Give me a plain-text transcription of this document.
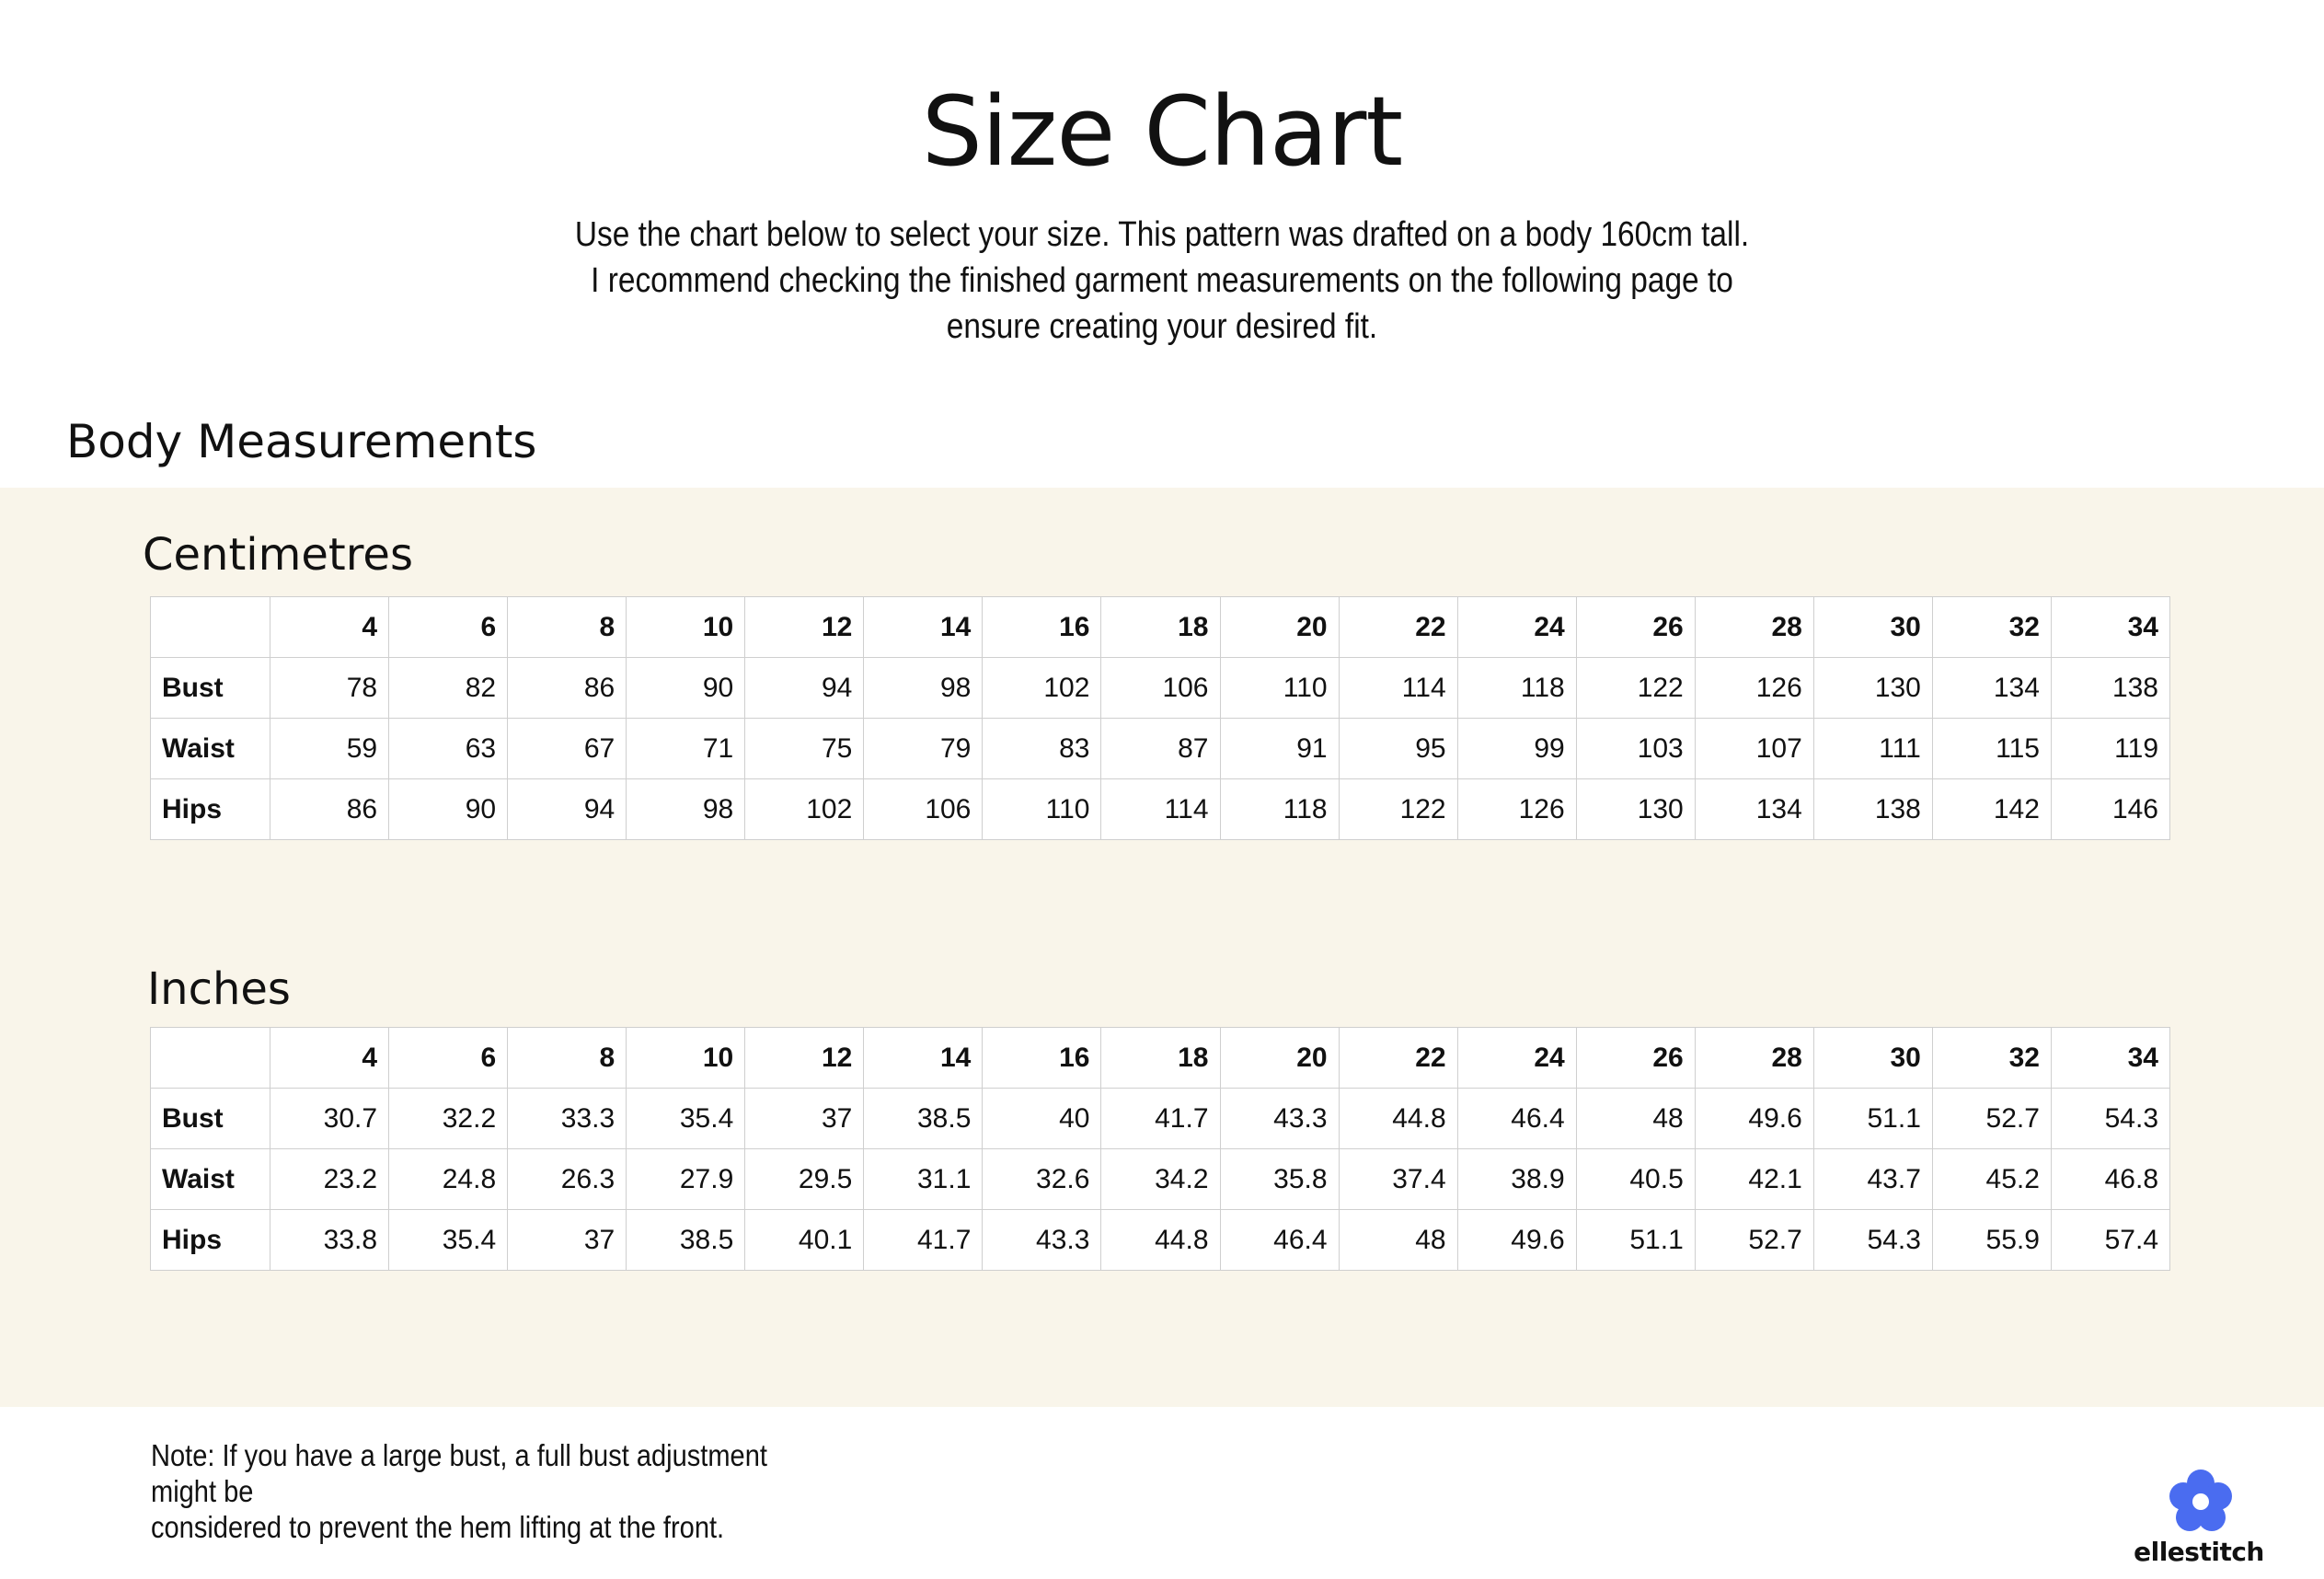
Size Chart
Use the chart below to select your size. This pattern was drafted on a body 160cm tall.
I recommend checking the finished garment measurements on the following page to
ensure creating your desired fit.
Body Measurements
Centimetres
	4	6	8	10	12	14	16	18	20	22	24	26	28	30	32	34
Bust	78	82	86	90	94	98	102	106	110	114	118	122	126	130	134	138
Waist	59	63	67	71	75	79	83	87	91	95	99	103	107	111	115	119
Hips	86	90	94	98	102	106	110	114	118	122	126	130	134	138	142	146
Inches
	4	6	8	10	12	14	16	18	20	22	24	26	28	30	32	34
Bust	30.7	32.2	33.3	35.4	37	38.5	40	41.7	43.3	44.8	46.4	48	49.6	51.1	52.7	54.3
Waist	23.2	24.8	26.3	27.9	29.5	31.1	32.6	34.2	35.8	37.4	38.9	40.5	42.1	43.7	45.2	46.8
Hips	33.8	35.4	37	38.5	40.1	41.7	43.3	44.8	46.4	48	49.6	51.1	52.7	54.3	55.9	57.4
Note: If you have a large bust, a full bust adjustment might be
considered to prevent the hem lifting at the front.
ellestitch
